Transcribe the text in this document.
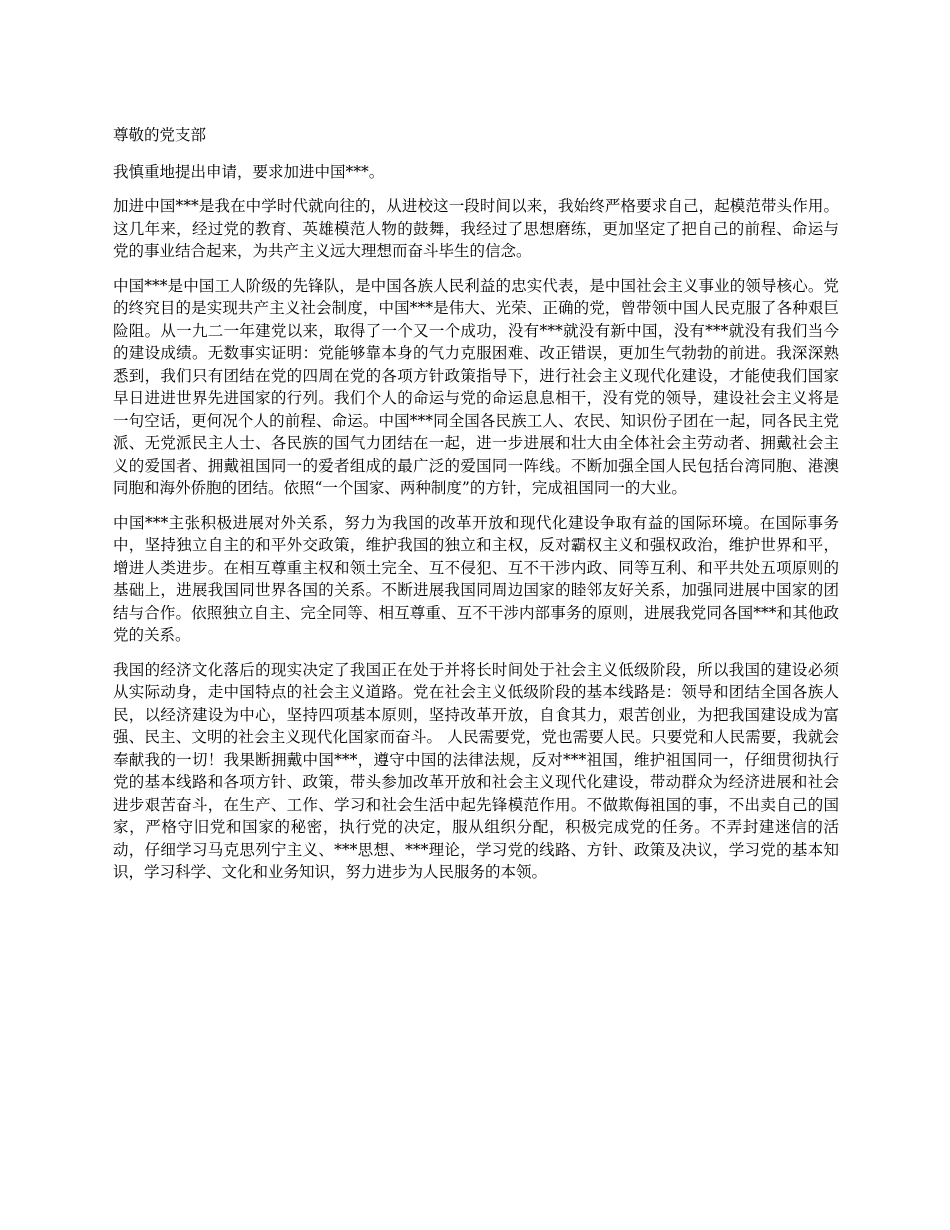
尊敬的党支部

我慎重地提出申请，要求加进中国***。

加进中国***是我在中学时代就向往的，从进校这一段时间以来，我始终严格要求自己，起模范带头作用。这几年来，经过党的教育、英雄模范人物的鼓舞，我经过了思想磨练，更加坚定了把自己的前程、命运与党的事业结合起来，为共产主义远大理想而奋斗毕生的信念。

中国***是中国工人阶级的先锋队，是中国各族人民利益的忠实代表，是中国社会主义事业的领导核心。党的终究目的是实现共产主义社会制度，中国***是伟大、光荣、正确的党，曾带领中国人民克服了各种艰巨险阻。从一九二一年建党以来，取得了一个又一个成功，没有***就没有新中国，没有***就没有我们当今的建设成绩。无数事实证明：党能够靠本身的气力克服困难、改正错误，更加生气勃勃的前进。我深深熟悉到，我们只有团结在党的四周在党的各项方针政策指导下，进行社会主义现代化建设，才能使我们国家早日进进世界先进国家的行列。我们个人的命运与党的命运息息相干，没有党的领导，建设社会主义将是一句空话，更何况个人的前程、命运。中国***同全国各民族工人、农民、知识份子团在一起，同各民主党派、无党派民主人士、各民族的国气力团结在一起，进一步进展和壮大由全体社会主劳动者、拥戴社会主义的爱国者、拥戴祖国同一的爱者组成的最广泛的爱国同一阵线。不断加强全国人民包括台湾同胞、港澳同胞和海外侨胞的团结。依照“一个国家、两种制度”的方针，完成祖国同一的大业。

中国***主张积极进展对外关系，努力为我国的改革开放和现代化建设争取有益的国际环境。在国际事务中，坚持独立自主的和平外交政策，维护我国的独立和主权，反对霸权主义和强权政治，维护世界和平，增进人类进步。在相互尊重主权和领土完全、互不侵犯、互不干涉内政、同等互利、和平共处五项原则的基础上，进展我国同世界各国的关系。不断进展我国同周边国家的睦邻友好关系，加强同进展中国家的团结与合作。依照独立自主、完全同等、相互尊重、互不干涉内部事务的原则，进展我党同各国***和其他政党的关系。

我国的经济文化落后的现实决定了我国正在处于并将长时间处于社会主义低级阶段，所以我国的建设必须从实际动身，走中国特点的社会主义道路。党在社会主义低级阶段的基本线路是：领导和团结全国各族人民，以经济建设为中心，坚持四项基本原则，坚持改革开放，自食其力，艰苦创业，为把我国建设成为富强、民主、文明的社会主义现代化国家而奋斗。 人民需要党，党也需要人民。只要党和人民需要，我就会奉献我的一切！我果断拥戴中国***，遵守中国的法律法规，反对***祖国，维护祖国同一，仔细贯彻执行党的基本线路和各项方针、政策，带头参加改革开放和社会主义现代化建设，带动群众为经济进展和社会进步艰苦奋斗，在生产、工作、学习和社会生活中起先锋模范作用。不做欺侮祖国的事，不出卖自己的国家，严格守旧党和国家的秘密，执行党的决定，服从组织分配，积极完成党的任务。不弄封建迷信的活动，仔细学习马克思列宁主义、***思想、***理论，学习党的线路、方针、政策及决议，学习党的基本知识，学习科学、文化和业务知识，努力进步为人民服务的本领。
